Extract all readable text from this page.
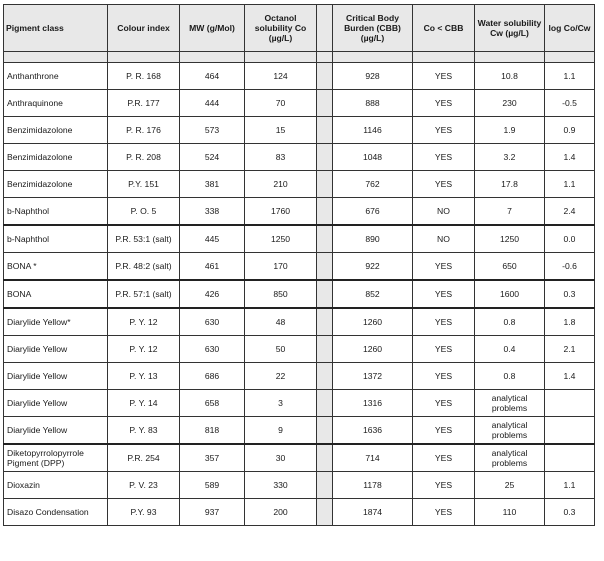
Pigment class	Colour index	MW (g/Mol)	Octanol solubility Co (µg/L)		Critical Body Burden (CBB) (µg/L)	Co < CBB	Water solubility Cw (µg/L)	log Co/Cw

Anthanthrone	P. R. 168	464	124		928	YES	10.8	1.1
Anthraquinone	P.R. 177	444	70		888	YES	230	-0.5
Benzimidazolone	P. R. 176	573	15		1146	YES	1.9	0.9
Benzimidazolone	P. R. 208	524	83		1048	YES	3.2	1.4
Benzimidazolone	P.Y. 151	381	210		762	YES	17.8	1.1
b-Naphthol	P. O. 5	338	1760		676	NO	7	2.4
b-Naphthol	P.R. 53:1 (salt)	445	1250		890	NO	1250	0.0
BONA *	P.R. 48:2 (salt)	461	170		922	YES	650	-0.6
BONA	P.R. 57:1 (salt)	426	850		852	YES	1600	0.3
Diarylide Yellow*	P. Y. 12	630	48		1260	YES	0.8	1.8
Diarylide Yellow	P. Y. 12	630	50		1260	YES	0.4	2.1
Diarylide Yellow	P. Y. 13	686	22		1372	YES	0.8	1.4
Diarylide Yellow	P. Y. 14	658	3		1316	YES	analytical problems	
Diarylide Yellow	P. Y. 83	818	9		1636	YES	analytical problems	
Diketopyrrolopyrrole Pigment (DPP)	P.R. 254	357	30		714	YES	analytical problems	
Dioxazin	P. V. 23	589	330		1178	YES	25	1.1
Disazo Condensation	P.Y. 93	937	200		1874	YES	110	0.3
